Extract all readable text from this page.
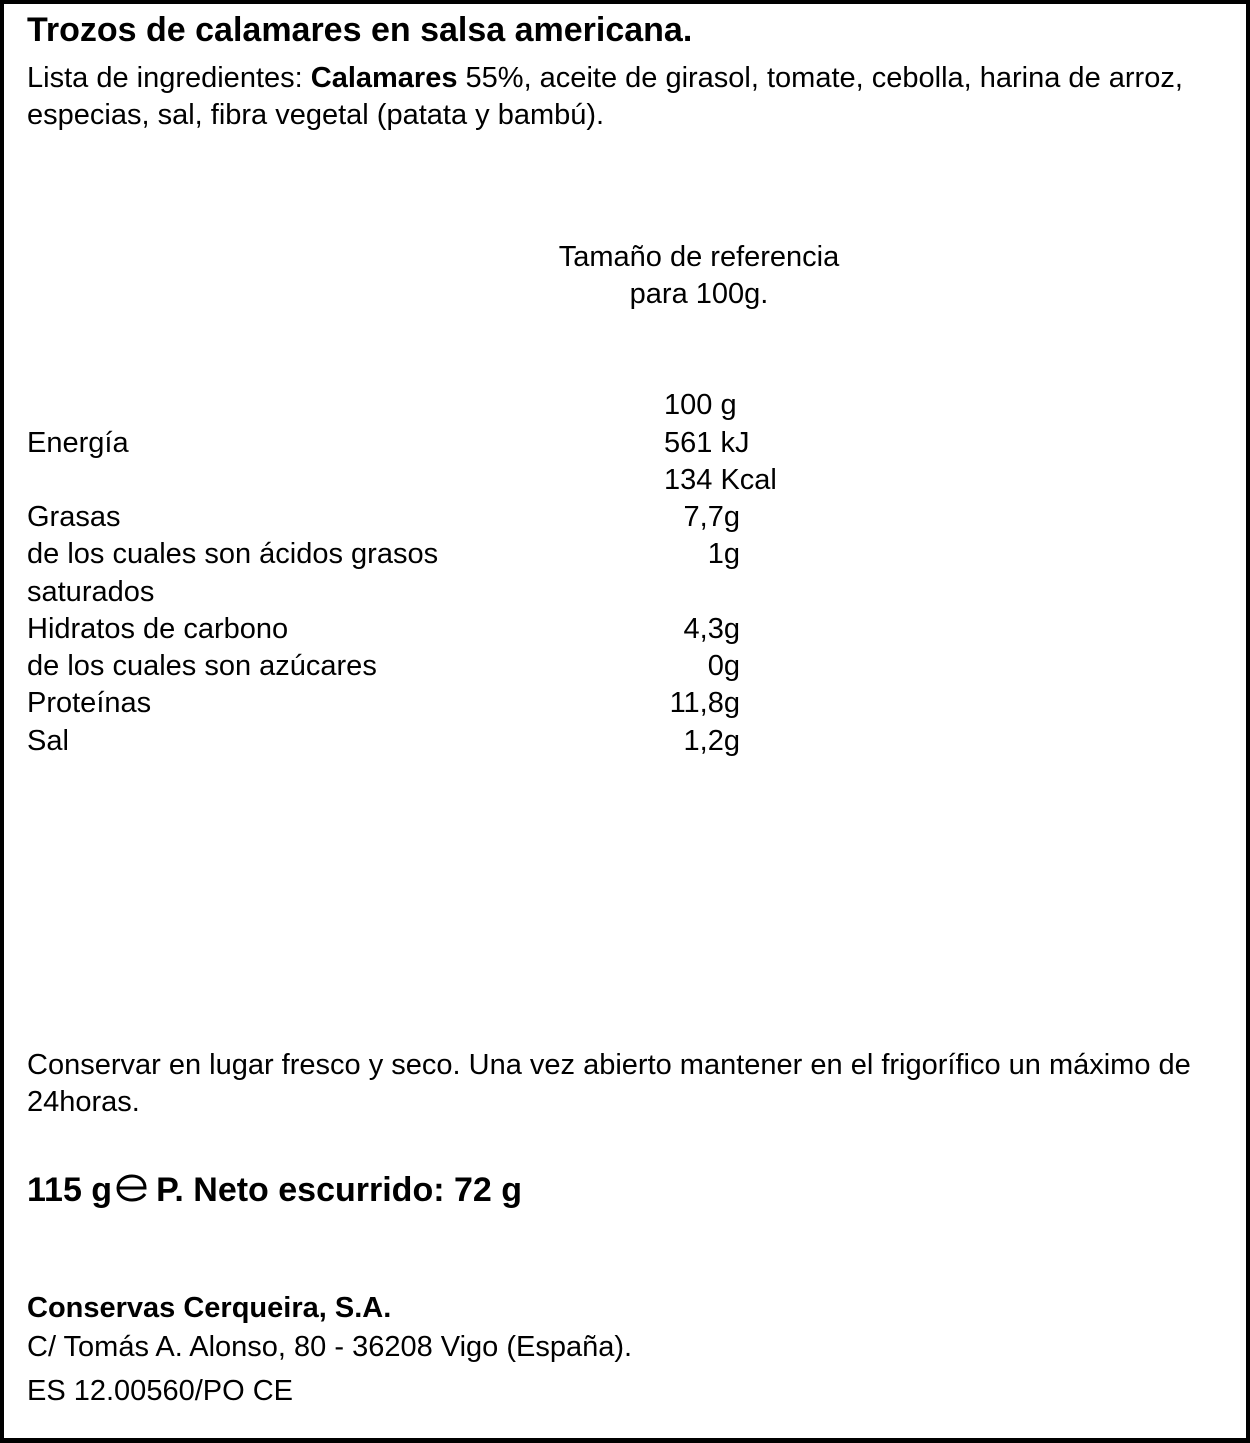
Trozos de calamares en salsa americana.
Lista de ingredientes: Calamares 55%, aceite de girasol, tomate, cebolla, harina de arroz, especias, sal, fibra vegetal (patata y bambú).
Tamaño de referencia
para 100g.
100 g
Energía	561 kJ
134 Kcal
Grasas	7,7g
de los cuales son ácidos grasos	1g
saturados
Hidratos de carbono	4,3g
de los cuales son azúcares	0g
Proteínas	11,8g
Sal	1,2g
Conservar en lugar fresco y seco. Una vez abierto mantener en el frigorífico un máximo de 24horas.
115 g P. Neto escurrido: 72 g
Conservas Cerqueira, S.A.
C/ Tomás A. Alonso, 80 - 36208 Vigo (España).
ES 12.00560/PO CE
